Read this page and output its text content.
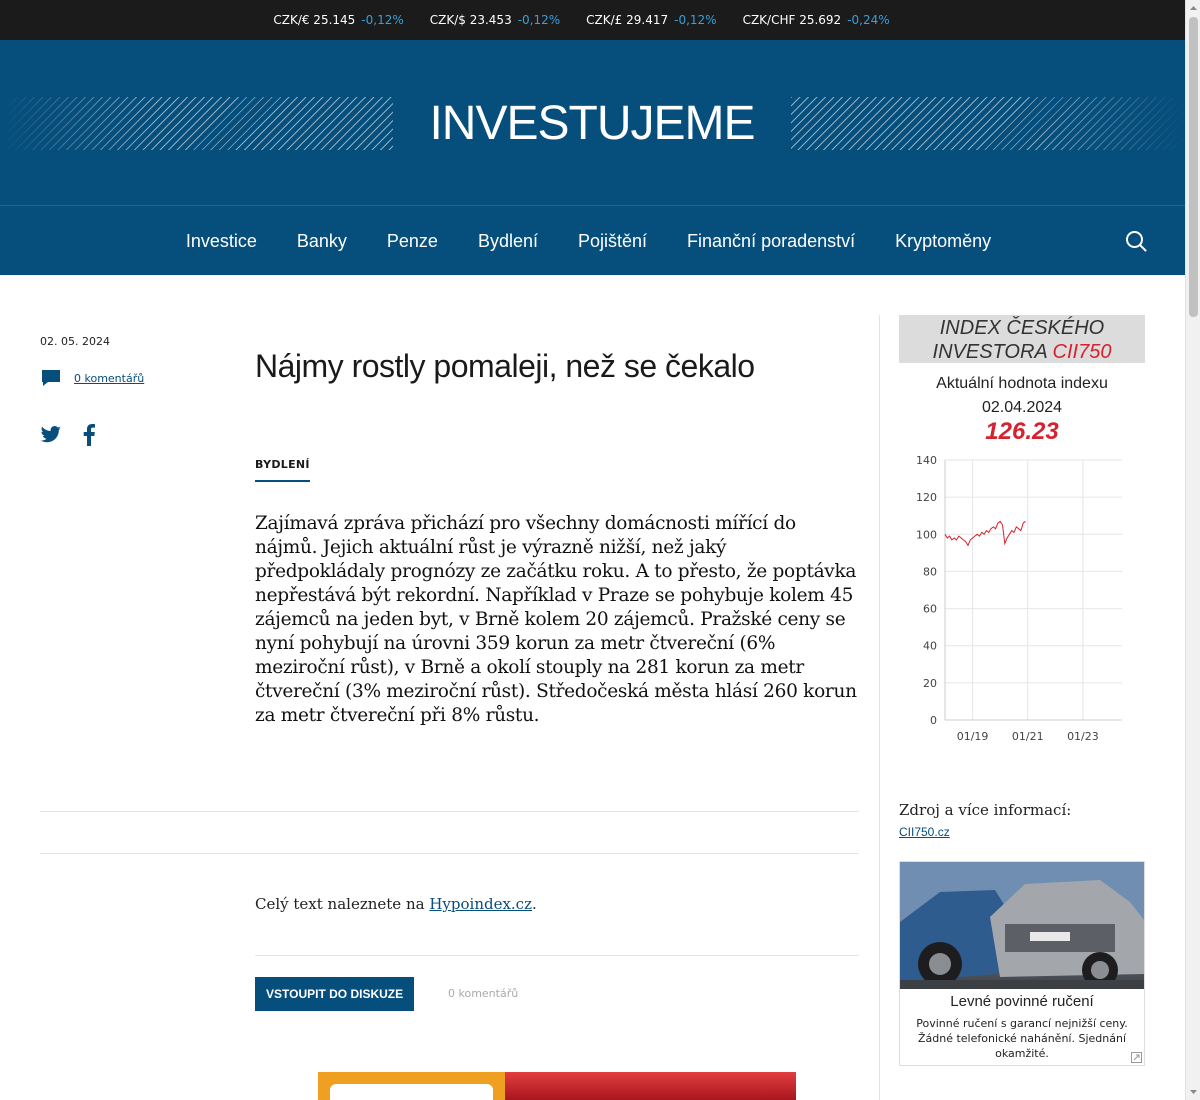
CZK/€ 25.145 -0,12% CZK/$ 23.453 -0,12% CZK/£ 29.417 -0,12% CZK/CHF 25.692 -0,24%
INVESTUJEME
Investice Banky Penze Bydlení Pojištění Finanční poradenství Kryptoměny
02. 05. 2024
0 komentářů	Nájmy rostly pomaleji, než se čekalo
BYDLENÍ

Zajímavá zpráva přichází pro všechny domácnosti mířící do nájmů. Jejich aktuální růst je výrazně nižší, než jaký předpokládaly prognózy ze začátku roku. A to přesto, že poptávka nepřestává být rekordní. Například v Praze se pohybuje kolem 45 zájemců na jeden byt, v Brně kolem 20 zájemců. Pražské ceny se nyní pohybují na úrovni 359 korun za metr čtvereční (6% meziroční růst), v Brně a okolí stouply na 281 korun za metr čtvereční (3% meziroční růst). Středočeská města hlásí 260 korun za metr čtvereční při 8% růstu.

Celý text naleznete na Hypoindex.cz.

VSTOUPIT DO DISKUZE	0 komentářů
INDEX ČESKÉHO
INVESTORA CII750
Aktuální hodnota indexu
02.04.2024
126.23
0
20
40
60
80
100
120
140
01/19 01/21 01/23
Zdroj a více informací:
CII750.cz
Levné povinné ručení
Povinné ručení s garancí nejnižší ceny. Žádné telefonické nahánění. Sjednání okamžité.
